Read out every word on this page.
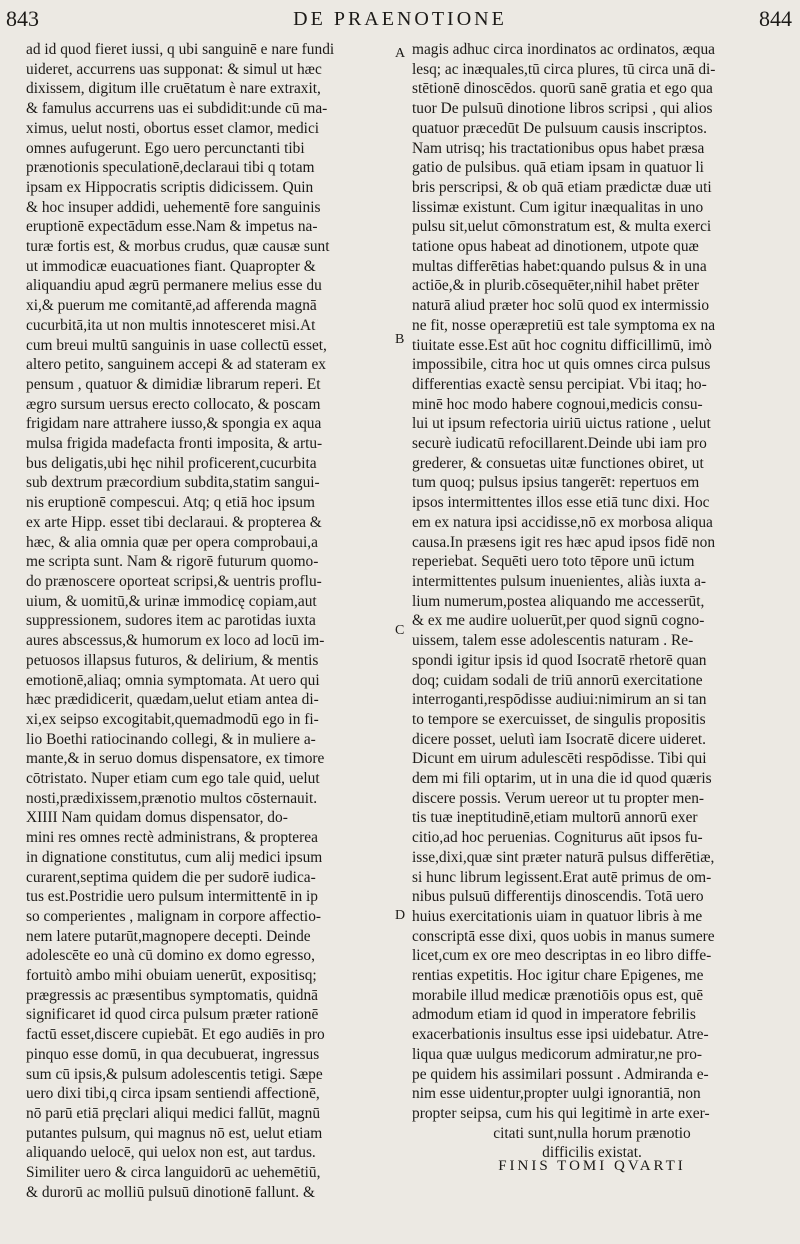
843	DE PRAENOTIONE	844
ad id quod fieret iussi, q ubi sanguinē e nare fundi
uideret, accurrens uas supponat: & simul ut hæc
dixissem, digitum ille cruētatum è nare extraxit,
& famulus accurrens uas ei subdidit:unde cū ma-
ximus, uelut nosti, obortus esset clamor, medici
omnes aufugerunt. Ego uero percunctanti tibi
prænotionis speculationē,declaraui tibi q totam
ipsam ex Hippocratis scriptis didicissem. Quin
& hoc insuper addidi, uehementē fore sanguinis
eruptionē expectādum esse.Nam & impetus na-
turæ fortis est, & morbus crudus, quæ causæ sunt
ut immodicæ euacuationes fiant. Quapropter &
aliquandiu apud ægrū permanere melius esse du
xi,& puerum me comitantē,ad afferenda magnā
cucurbitā,ita ut non multis innotesceret misi.At
cum breui multū sanguinis in uase collectū esset,
altero petito, sanguinem accepi & ad stateram ex
pensum , quatuor & dimidiæ librarum reperi. Et
ægro sursum uersus erecto collocato, & poscam
frigidam nare attrahere iusso,& spongia ex aqua
mulsa frigida madefacta fronti imposita, & artu-
bus deligatis,ubi hęc nihil proficerent,cucurbita
sub dextrum præcordium subdita,statim sangui-
nis eruptionē compescui. Atq; q etiā hoc ipsum
ex arte Hipp. esset tibi declaraui. & propterea &
hæc, & alia omnia quæ per opera comprobaui,a
me scripta sunt. Nam & rigorē futurum quomo-
do prænoscere oporteat scripsi,& uentris proflu-
uium, & uomitū,& urinæ immodicę copiam,aut
suppressionem, sudores item ac parotidas iuxta
aures abscessus,& humorum ex loco ad locū im-
petuosos illapsus futuros, & delirium, & mentis
emotionē,aliaq; omnia symptomata. At uero qui
hæc prædidicerit, quædam,uelut etiam antea di-
xi,ex seipso excogitabit,quemadmodū ego in fi-
lio Boethi ratiocinando collegi, & in muliere a-
mante,& in seruo domus dispensatore, ex timore
cōtristato. Nuper etiam cum ego tale quid, uelut
nosti,prædixissem,prænotio multos cōsternauit.
XIIII Nam quidam domus dispensator, do-
mini res omnes rectè administrans, & propterea
in dignatione constitutus, cum alij medici ipsum
curarent,septima quidem die per sudorē iudica-
tus est.Postridie uero pulsum intermittentē in ip
so comperientes , malignam in corpore affectio-
nem latere putarūt,magnopere decepti. Deinde
adolescēte eo unà cū domino ex domo egresso,
fortuitò ambo mihi obuiam uenerūt, expositisq;
prægressis ac præsentibus symptomatis, quidnā
significaret id quod circa pulsum præter rationē
factū esset,discere cupiebāt. Et ego audiēs in pro
pinquo esse domū, in qua decubuerat, ingressus
sum cū ipsis,& pulsum adolescentis tetigi. Sæpe
uero dixi tibi,q circa ipsam sentiendi affectionē,
nō parū etiā pręclari aliqui medici fallūt, magnū
putantes pulsum, qui magnus nō est, uelut etiam
aliquando uelocē, qui uelox non est, aut tardus.
Similiter uero & circa languidorū ac uehemētiū,
& durorū ac molliū pulsuū dinotionē fallunt. &
magis adhuc circa inordinatos ac ordinatos, æqua
lesq; ac inæquales,tū circa plures, tū circa unā di-
stētionē dinoscēdos. quorū sanē gratia et ego qua
tuor De pulsuū dinotione libros scripsi , qui alios
quatuor præcedūt De pulsuum causis inscriptos.
Nam utrisq; his tractationibus opus habet præsa
gatio de pulsibus. quā etiam ipsam in quatuor li
bris perscripsi, & ob quā etiam prædictæ duæ uti
lissimæ existunt. Cum igitur inæqualitas in uno
pulsu sit,uelut cōmonstratum est, & multa exerci
tatione opus habeat ad dinotionem, utpote quæ
multas differētias habet:quando pulsus & in una
actiōe,& in plurib.cōsequēter,nihil habet prēter
naturā aliud præter hoc solū quod ex intermissio
ne fit, nosse operæpretiū est tale symptoma ex na
tiuitate esse.Est aūt hoc cognitu difficillimū, imò
impossibile, citra hoc ut quis omnes circa pulsus
differentias exactè sensu percipiat. Vbi itaq; ho-
minē hoc modo habere cognoui,medicis consu-
lui ut ipsum refectoria uiriū uictus ratione , uelut
securè iudicatū refocillarent.Deinde ubi iam pro
grederer, & consuetas uitæ functiones obiret, ut
tum quoq; pulsus ipsius tangerēt: repertuos em
ipsos intermittentes illos esse etiā tunc dixi. Hoc
em ex natura ipsi accidisse,nō ex morbosa aliqua
causa.In præsens igit res hæc apud ipsos fidē non
reperiebat. Sequēti uero toto tēpore unū ictum
intermittentes pulsum inuenientes, aliàs iuxta a-
lium numerum,postea aliquando me accesserūt,
& ex me audire uoluerūt,per quod signū cogno-
uissem, talem esse adolescentis naturam . Re-
spondi igitur ipsis id quod Isocratē rhetorē quan
doq; cuidam sodali de triū annorū exercitatione
interroganti,respōdisse audiui:nimirum an si tan
to tempore se exercuisset, de singulis propositis
dicere posset, uelutì iam Isocratē dicere uideret.
Dicunt em uirum adulescēti respōdisse. Tibi qui
dem mi fili optarim, ut in una die id quod quæris
discere possis. Verum uereor ut tu propter men-
tis tuæ ineptitudinē,etiam multorū annorū exer
citio,ad hoc peruenias. Cogniturus aūt ipsos fu-
isse,dixi,quæ sint præter naturā pulsus differētiæ,
si hunc librum legissent.Erat autē primus de om-
nibus pulsuū differentijs dinoscendis. Totā uero
huius exercitationis uiam in quatuor libris à me
conscriptā esse dixi, quos uobis in manus sumere
licet,cum ex ore meo descriptas in eo libro diffe-
rentias expetitis. Hoc igitur chare Epigenes, me
morabile illud medicæ prænotiōis opus est, quē
admodum etiam id quod in imperatore febrilis
exacerbationis insultus esse ipsi uidebatur. Atre-
liqua quæ uulgus medicorum admiratur,ne pro-
pe quidem his assimilari possunt . Admiranda e-
nim esse uidentur,propter uulgi ignorantiā, non
propter seipsa, cum his qui legitimè in arte exer-
citati sunt,nulla horum prænotio
difficilis existat.
A
B
C
D
FINIS TOMI QVARTI
